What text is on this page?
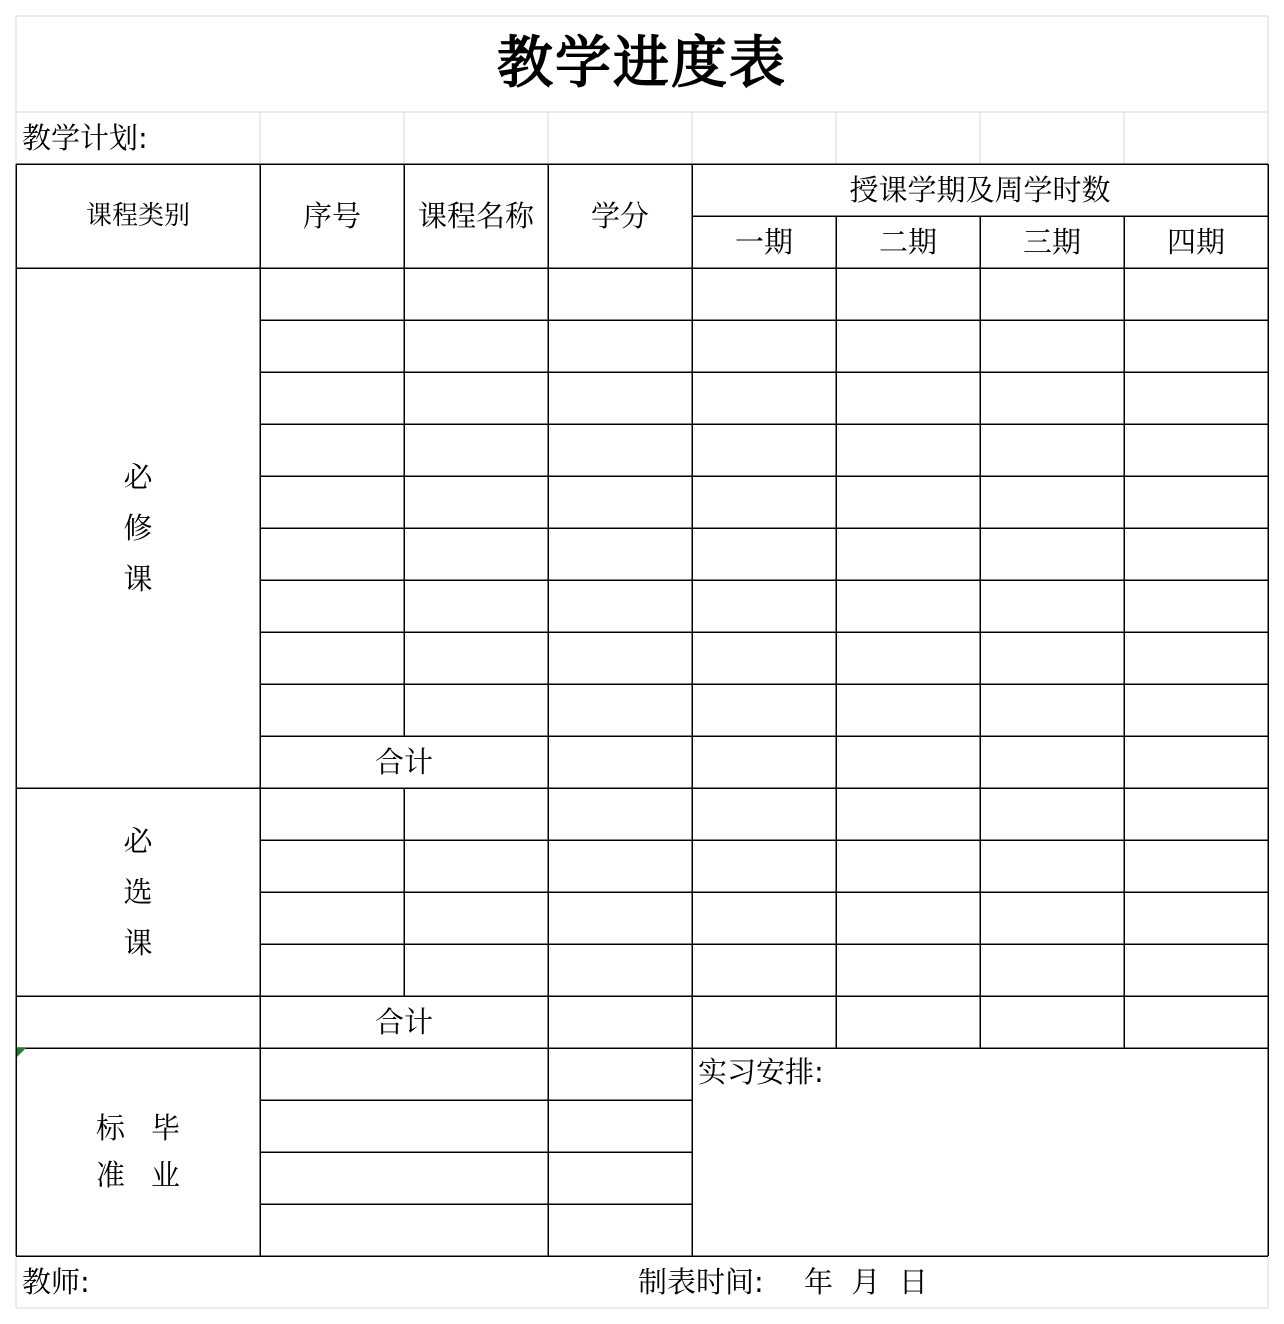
教学进度表
教学计划:
课程类别	序号	课程名称	学分
授课学期及周学时数
一期	二期	三期	四期
必
修
课
合计
必
选
课
合计
标
准
毕
业
实习安排:
教师:	制表时间:	年  月  日
